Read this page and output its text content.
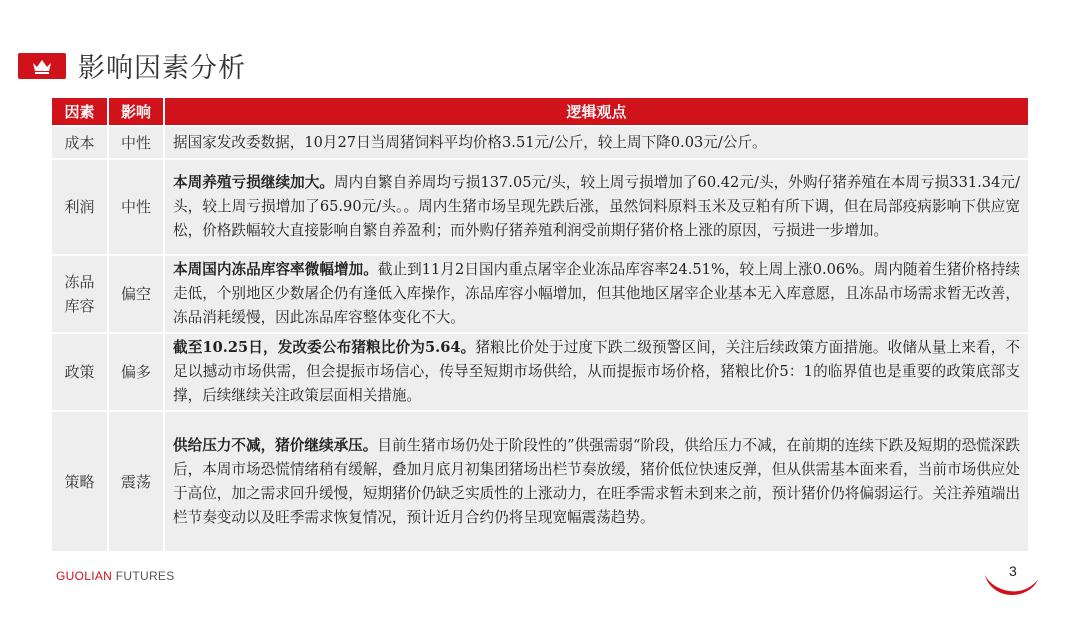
影响因素分析
因素	影响	逻辑观点
成本	中性	据国家发改委数据，10月27日当周猪饲料平均价格3.51元/公斤，较上周下降0.03元/公斤。
利润	中性	本周养殖亏损继续加大。周内自繁自养周均亏损137.05元/头，较上周亏损增加了60.42元/头，外购仔猪养殖在本周亏损331.34元/头，较上周亏损增加了65.90元/头。。周内生猪市场呈现先跌后涨，虽然饲料原料玉米及豆粕有所下调，但在局部疫病影响下供应宽松，价格跌幅较大直接影响自繁自养盈利；而外购仔猪养殖利润受前期仔猪价格上涨的原因，亏损进一步增加。

冻品库容	偏空	本周国内冻品库容率微幅增加。截止到11月2日国内重点屠宰企业冻品库容率24.51%，较上周上涨0.06%。周内随着生猪价格持续走低，个别地区少数屠企仍有逢低入库操作，冻品库容小幅增加，但其他地区屠宰企业基本无入库意愿，且冻品市场需求暂无改善，冻品消耗缓慢，因此冻品库容整体变化不大。
政策	偏多	截至10.25日，发改委公布猪粮比价为5.64。猪粮比价处于过度下跌二级预警区间，关注后续政策方面措施。收储从量上来看，不足以撼动市场供需，但会提振市场信心，传导至短期市场供给，从而提振市场价格，猪粮比价5：1的临界值也是重要的政策底部支撑，后续继续关注政策层面相关措施。
策略	震荡	供给压力不减，猪价继续承压。目前生猪市场仍处于阶段性的”供强需弱“阶段，供给压力不减，在前期的连续下跌及短期的恐慌深跌后，本周市场恐慌情绪稍有缓解，叠加月底月初集团猪场出栏节奏放缓，猪价低位快速反弹，但从供需基本面来看，当前市场供应处于高位，加之需求回升缓慢，短期猪价仍缺乏实质性的上涨动力，在旺季需求暂未到来之前，预计猪价仍将偏弱运行。关注养殖端出栏节奏变动以及旺季需求恢复情况，预计近月合约仍将呈现宽幅震荡趋势。
GUOLIAN FUTURES	3
